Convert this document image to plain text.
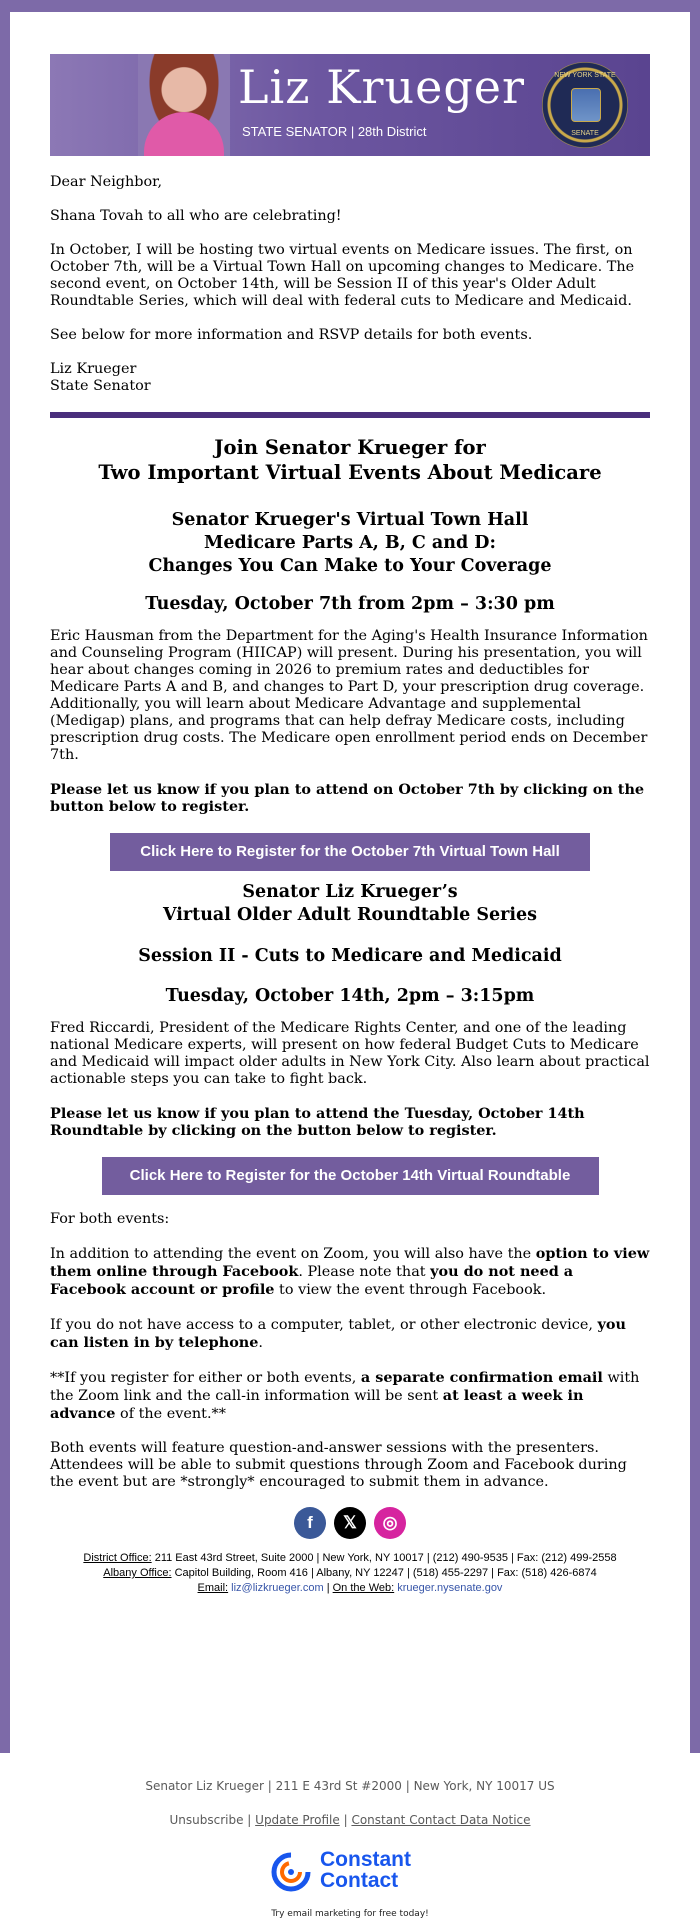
Liz Krueger
STATE SENATOR | 28th District
NEW YORK STATE
SENATE

Dear Neighbor,

Shana Tovah to all who are celebrating!

In October, I will be hosting two virtual events on Medicare issues. The first, on October 7th, will be a Virtual Town Hall on upcoming changes to Medicare. The second event, on October 14th, will be Session II of this year's Older Adult Roundtable Series, which will deal with federal cuts to Medicare and Medicaid.

See below for more information and RSVP details for both events.

Liz Krueger

State Senator

Join Senator Krueger for
Two Important Virtual Events About Medicare
Senator Krueger's Virtual Town Hall
Medicare Parts A, B, C and D:
Changes You Can Make to Your Coverage
Tuesday, October 7th from 2pm – 3:30 pm

Eric Hausman from the Department for the Aging's Health Insurance Information and Counseling Program (HIICAP) will present. During his presentation, you will hear about changes coming in 2026 to premium rates and deductibles for Medicare Parts A and B, and changes to Part D, your prescription drug coverage. Additionally, you will learn about Medicare Advantage and supplemental (Medigap) plans, and programs that can help defray Medicare costs, including prescription drug costs. The Medicare open enrollment period ends on December 7th.

Please let us know if you plan to attend on October 7th by clicking on the button below to register.

Click Here to Register for the October 7th Virtual Town Hall
Senator Liz Krueger’s
Virtual Older Adult Roundtable Series
Session II - Cuts to Medicare and Medicaid
Tuesday, October 14th, 2pm – 3:15pm

Fred Riccardi, President of the Medicare Rights Center, and one of the leading national Medicare experts, will present on how federal Budget Cuts to Medicare and Medicaid will impact older adults in New York City. Also learn about practical actionable steps you can take to fight back.

Please let us know if you plan to attend the Tuesday, October 14th Roundtable by clicking on the button below to register.

Click Here to Register for the October 14th Virtual Roundtable

For both events:

In addition to attending the event on Zoom, you will also have the option to view them online through Facebook. Please note that you do not need a Facebook account or profile to view the event through Facebook.

If you do not have access to a computer, tablet, or other electronic device, you can listen in by telephone.

**If you register for either or both events, a separate confirmation email with the Zoom link and the call-in information will be sent at least a week in advance of the event.**

Both events will feature question-and-answer sessions with the presenters. Attendees will be able to submit questions through Zoom and Facebook during the event but are *strongly* encouraged to submit them in advance.

f	𝕏	◎
District Office: 211 East 43rd Street, Suite 2000 | New York, NY 10017 | (212) 490-9535 | Fax: (212) 499-2558
Albany Office: Capitol Building, Room 416 | Albany, NY 12247 | (518) 455-2297 | Fax: (518) 426-6874
Email: liz@lizkrueger.com | On the Web: krueger.nysenate.gov
Senator Liz Krueger | 211 E 43rd St #2000 | New York, NY 10017 US
Unsubscribe | Update Profile | Constant Contact Data Notice
Constant
Contact
Try email marketing for free today!
